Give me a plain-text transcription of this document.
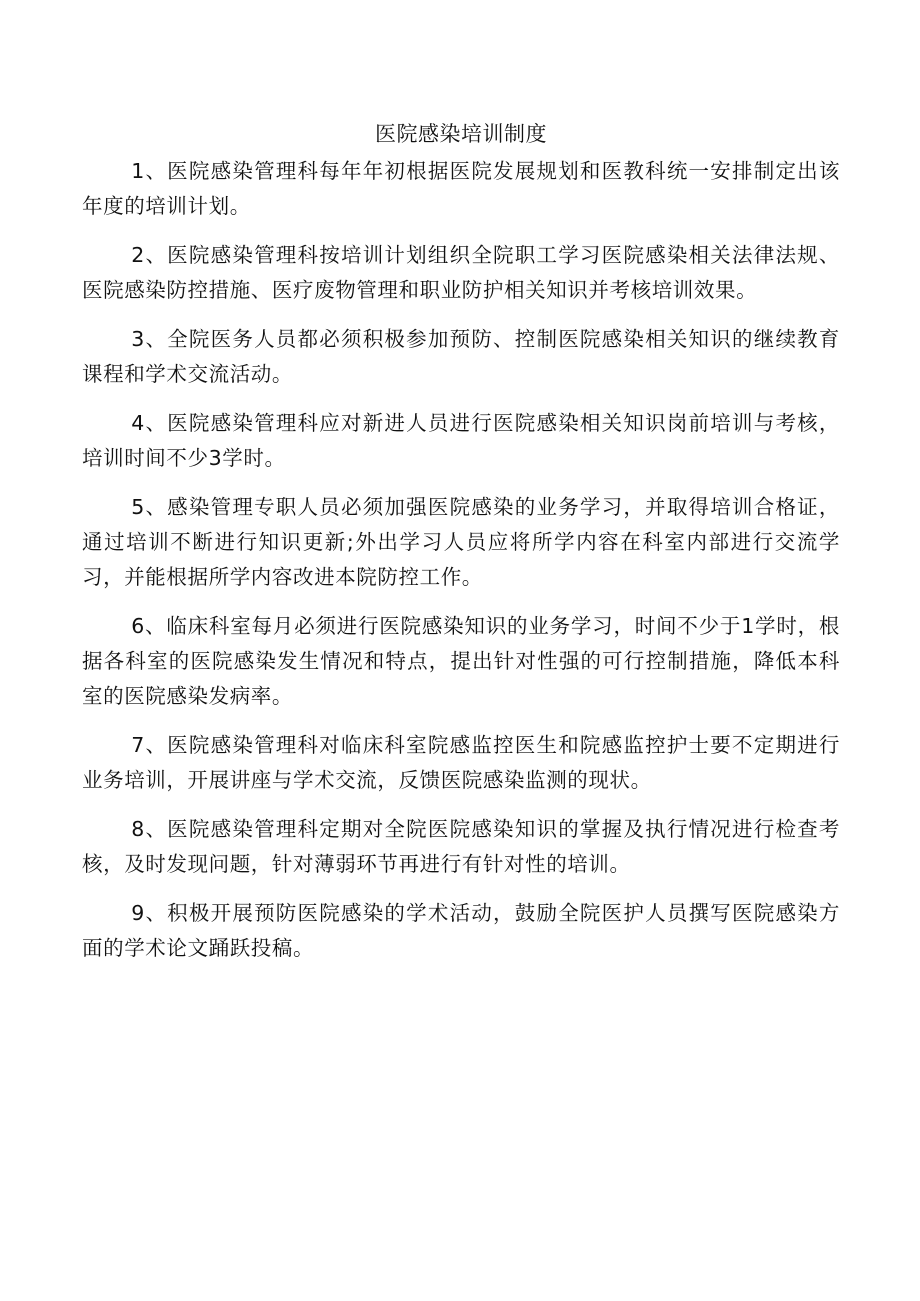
医院感染培训制度

1、医院感染管理科每年年初根据医院发展规划和医教科统一安排制定出该年度的培训计划。

2、医院感染管理科按培训计划组织全院职工学习医院感染相关法律法规、医院感染防控措施、医疗废物管理和职业防护相关知识并考核培训效果。

3、全院医务人员都必须积极参加预防、控制医院感染相关知识的继续教育课程和学术交流活动。

4、医院感染管理科应对新进人员进行医院感染相关知识岗前培训与考核，培训时间不少3学时。

5、感染管理专职人员必须加强医院感染的业务学习，并取得培训合格证，通过培训不断进行知识更新;外出学习人员应将所学内容在科室内部进行交流学习，并能根据所学内容改进本院防控工作。

6、临床科室每月必须进行医院感染知识的业务学习，时间不少于1学时，根据各科室的医院感染发生情况和特点，提出针对性强的可行控制措施，降低本科室的医院感染发病率。

7、医院感染管理科对临床科室院感监控医生和院感监控护士要不定期进行业务培训，开展讲座与学术交流，反馈医院感染监测的现状。

8、医院感染管理科定期对全院医院感染知识的掌握及执行情况进行检查考核，及时发现问题，针对薄弱环节再进行有针对性的培训。

9、积极开展预防医院感染的学术活动，鼓励全院医护人员撰写医院感染方面的学术论文踊跃投稿。
